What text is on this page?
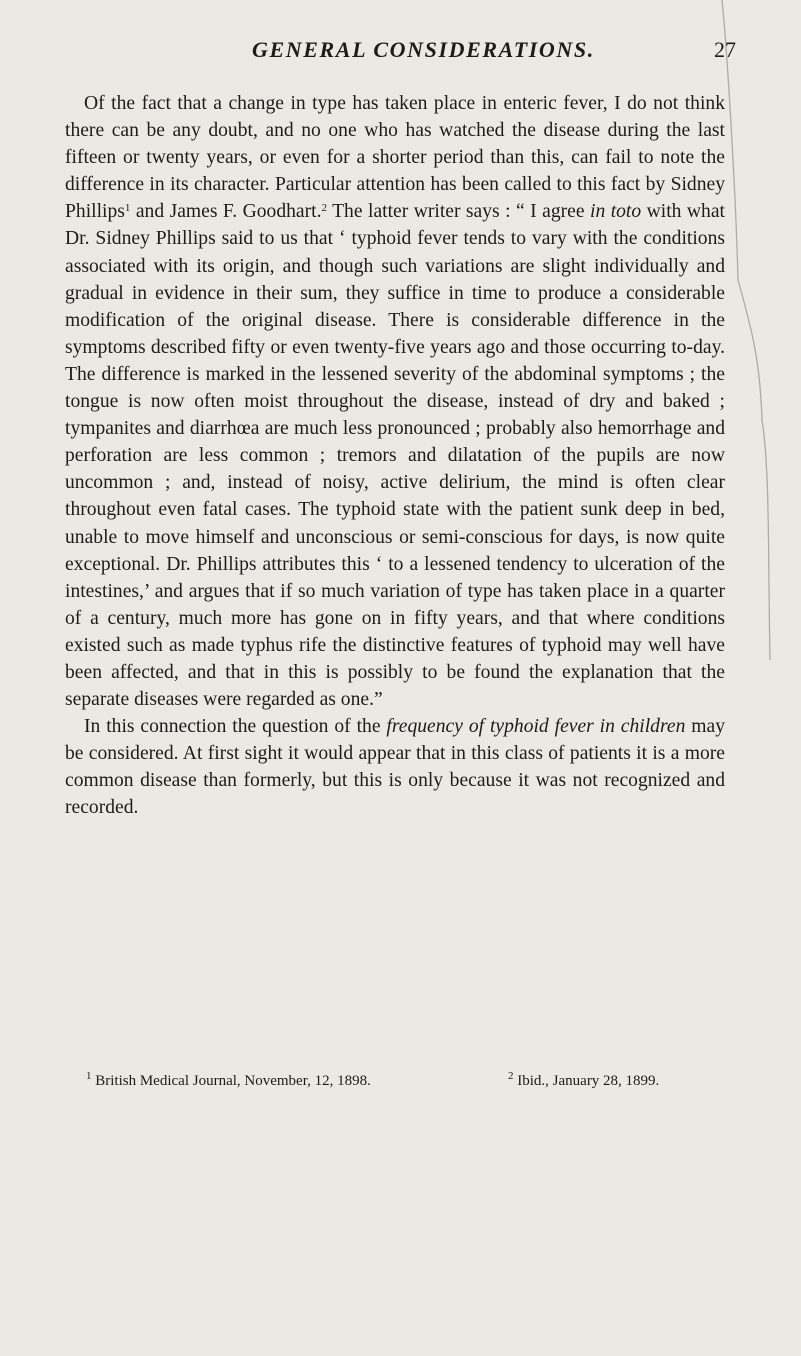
GENERAL CONSIDERATIONS.	27

Of the fact that a change in type has taken place in enteric fever, I do not think there can be any doubt, and no one who has watched the disease during the last fifteen or twenty years, or even for a shorter period than this, can fail to note the difference in its character. Particular attention has been called to this fact by Sidney Phillips$^1$ and James F. Goodhart.$^2$ The latter writer says : “ I agree in toto with what Dr. Sidney Phillips said to us that ‘ typhoid fever tends to vary with the conditions associated with its origin, and though such variations are slight individually and gradual in evidence in their sum, they suffice in time to produce a considerable modification of the original disease. There is considerable difference in the symptoms described fifty or even twenty-five years ago and those occurring to-day. The difference is marked in the lessened severity of the abdominal symptoms ; the tongue is now often moist throughout the disease, instead of dry and baked ; tympanites and diarrhœa are much less pronounced ; probably also hemorrhage and perforation are less common ; tremors and dilatation of the pupils are now uncommon ; and, instead of noisy, active delirium, the mind is often clear throughout even fatal cases. The typhoid state with the patient sunk deep in bed, unable to move himself and unconscious or semi-conscious for days, is now quite exceptional. Dr. Phillips attributes this ‘ to a lessened tendency to ulceration of the intestines,’ and argues that if so much variation of type has taken place in a quarter of a century, much more has gone on in fifty years, and that where conditions existed such as made typhus rife the distinctive features of typhoid may well have been affected, and that in this is possibly to be found the explanation that the separate diseases were regarded as one.”

In this connection the question of the frequency of typhoid fever in children may be considered. At first sight it would appear that in this class of patients it is a more common disease than formerly, but this is only because it was not recognized and recorded.

$^1$ British Medical Journal, November, 12, 1898.	$^2$ Ibid., January 28, 1899.
